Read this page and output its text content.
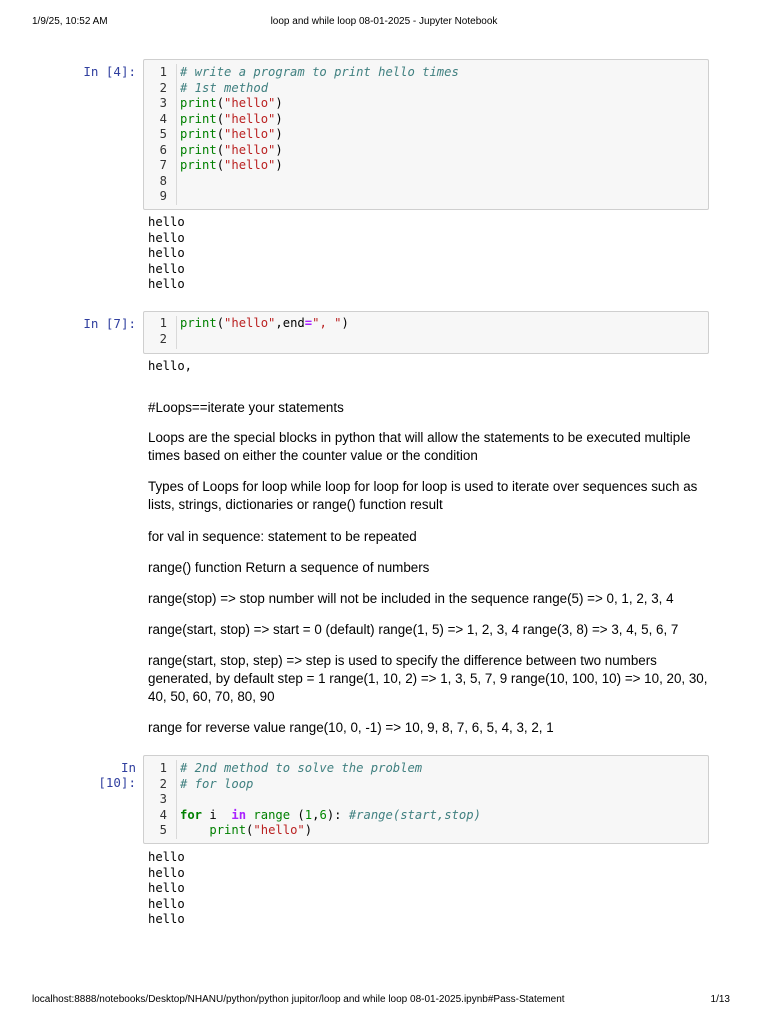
1/9/25, 10:52 AM	loop and while loop 08-01-2025 - Jupyter Notebook
In [4]:	1 # write a program to print hello times
2 # 1st method
3 print("hello")
4 print("hello")
5 print("hello")
6 print("hello")
7 print("hello")
8
9
hello
hello
hello
hello
hello
In [7]:	1 print("hello",end=", ")
2
hello,
#Loops==iterate your statements
Loops are the special blocks in python that will allow the statements to be executed multiple times based on either the counter value or the condition
Types of Loops for loop while loop for loop for loop is used to iterate over sequences such as lists, strings, dictionaries or range() function result
for val in sequence: statement to be repeated
range() function Return a sequence of numbers
range(stop) => stop number will not be included in the sequence range(5) => 0, 1, 2, 3, 4
range(start, stop) => start = 0 (default) range(1, 5) => 1, 2, 3, 4 range(3, 8) => 3, 4, 5, 6, 7
range(start, stop, step) => step is used to specify the difference between two numbers generated, by default step = 1 range(1, 10, 2) => 1, 3, 5, 7, 9 range(10, 100, 10) => 10, 20, 30, 40, 50, 60, 70, 80, 90
range for reverse value range(10, 0, -1) => 10, 9, 8, 7, 6, 5, 4, 3, 2, 1
In [10]:
1 # 2nd method to solve the problem
2 # for loop
3
4 for i  in range (1,6): #range(start,stop)
5	print("hello")
hello
hello
hello
hello
hello
localhost:8888/notebooks/Desktop/NHANU/python/python jupitor/loop and while loop 08-01-2025.ipynb#Pass-Statement	1/13
